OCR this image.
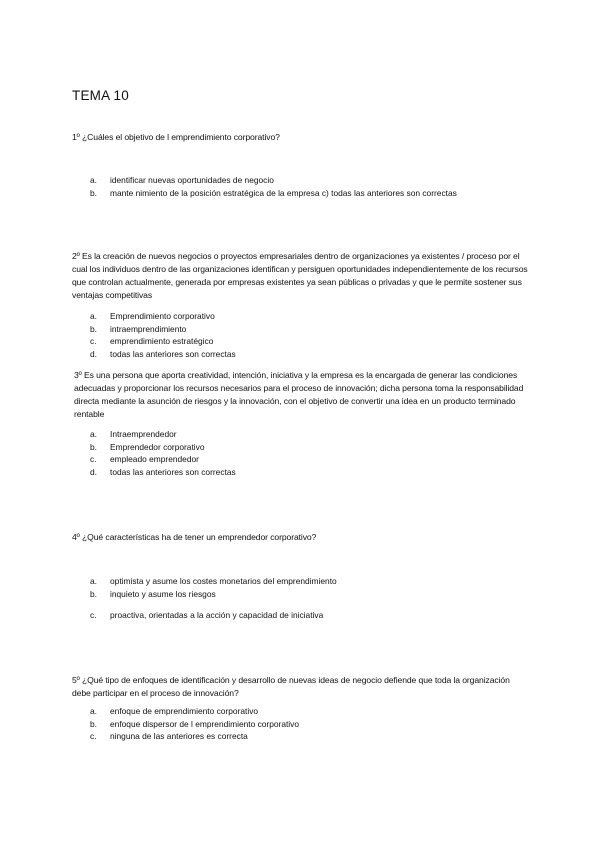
TEMA 10
1º ¿Cuáles el objetivo de l emprendimiento corporativo?
a.	identificar nuevas oportunidades de negocio
b.	mante nimiento de la posición estratégica de la empresa c) todas las anteriores son correctas
2º Es la creación de nuevos negocios o proyectos empresariales dentro de organizaciones ya existentes / proceso por el cual los individuos dentro de las organizaciones identifican y persiguen oportunidades independientemente de los recursos que controlan actualmente, generada por empresas existentes ya sean públicas o privadas y que le permite sostener sus ventajas competitivas
a.	Emprendimiento corporativo
b.	intraemprendimiento
c.	emprendimiento estratégico
d.	todas las anteriores son correctas
3º Es una persona que aporta creatividad, intención, iniciativa y la empresa es la encargada de generar las condiciones adecuadas y proporcionar los recursos necesarios para el proceso de innovación; dicha persona toma la responsabilidad directa mediante la asunción de riesgos y la innovación, con el objetivo de convertir una idea en un producto terminado rentable
a.	Intraemprendedor
b.	Emprendedor corporativo
c.	empleado emprendedor
d.	todas las anteriores son correctas
4º ¿Qué características ha de tener un emprendedor corporativo?
a.	optimista y asume los costes monetarios del emprendimiento
b.	inquieto y asume los riesgos
c.	proactiva, orientadas a la acción y capacidad de iniciativa
5º ¿Qué tipo de enfoques de identificación y desarrollo de nuevas ideas de negocio defiende que toda la organización debe participar en el proceso de innovación?
a.	enfoque de emprendimiento corporativo
b.	enfoque dispersor de l emprendimiento corporativo
c.	ninguna de las anteriores es correcta
